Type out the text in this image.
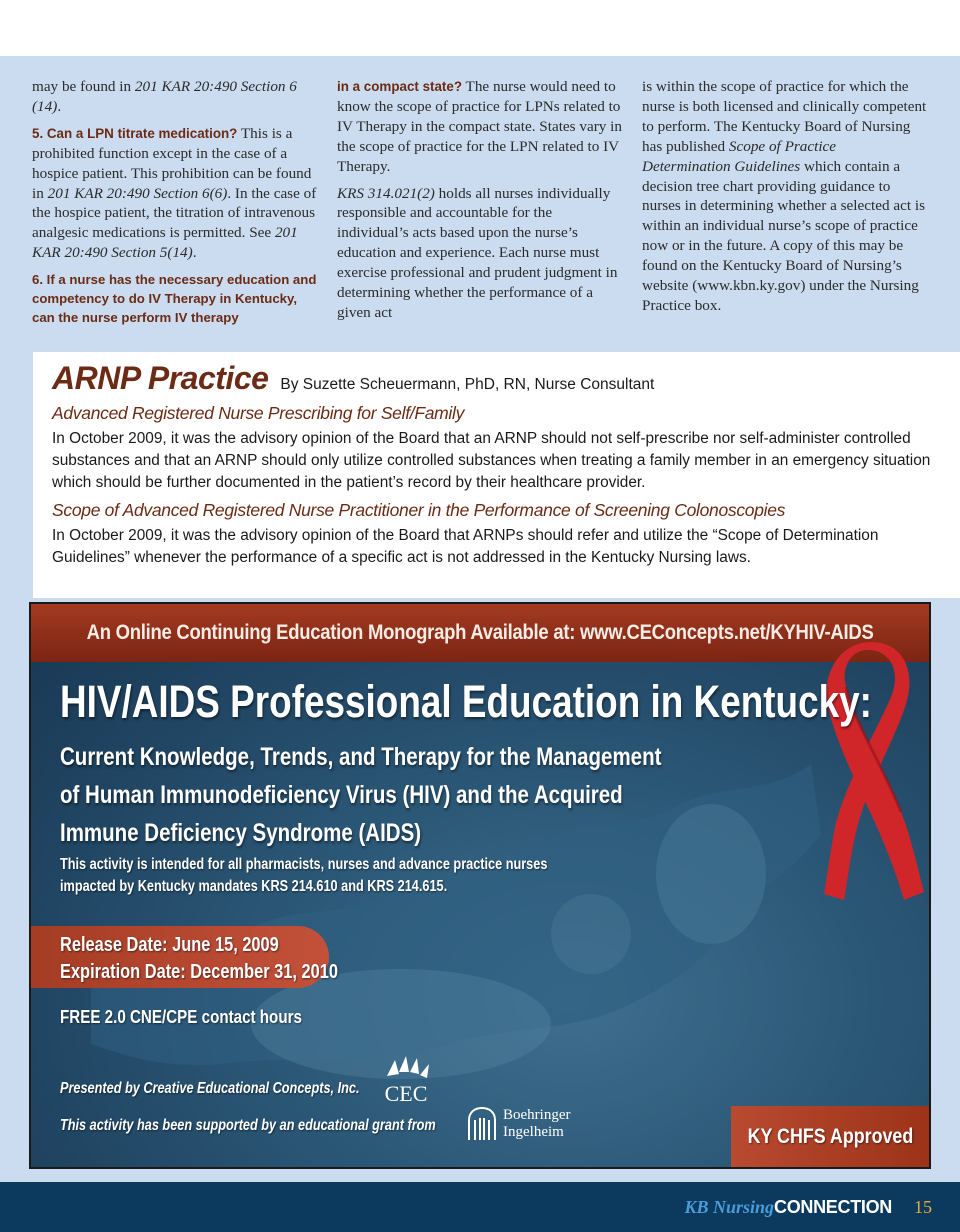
may be found in 201 KAR 20:490 Section 6 (14).

5. Can a LPN titrate medication? This is a prohibited function except in the case of a hospice patient. This prohibition can be found in 201 KAR 20:490 Section 6(6). In the case of the hospice patient, the titration of intravenous analgesic medications is permitted. See 201 KAR 20:490 Section 5(14).

6. If a nurse has the necessary education and competency to do IV Therapy in Kentucky, can the nurse perform IV therapy

in a compact state? The nurse would need to know the scope of practice for LPNs related to IV Therapy in the compact state. States vary in the scope of practice for the LPN related to IV Therapy.

KRS 314.021(2) holds all nurses individually responsible and accountable for the individual’s acts based upon the nurse’s education and experience. Each nurse must exercise professional and prudent judgment in determining whether the performance of a given act

is within the scope of practice for which the nurse is both licensed and clinically competent to perform. The Kentucky Board of Nursing has published Scope of Practice Determination Guidelines which contain a decision tree chart providing guidance to nurses in determining whether a selected act is within an individual nurse’s scope of practice now or in the future. A copy of this may be found on the Kentucky Board of Nursing’s website (www.kbn.ky.gov) under the Nursing Practice box.

ARNP Practice By Suzette Scheuermann, PhD, RN, Nurse Consultant
Advanced Registered Nurse Prescribing for Self/Family
In October 2009, it was the advisory opinion of the Board that an ARNP should not self-prescribe nor self-administer controlled substances and that an ARNP should only utilize controlled substances when treating a family member in an emergency situation which should be further documented in the patient’s record by their healthcare provider.
Scope of Advanced Registered Nurse Practitioner in the Performance of Screening Colonoscopies
In October 2009, it was the advisory opinion of the Board that ARNPs should refer and utilize the “Scope of Determination Guidelines” whenever the performance of a specific act is not addressed in the Kentucky Nursing laws.
An Online Continuing Education Monograph Available at: www.CEConcepts.net/KYHIV-AIDS
HIV/AIDS Professional Education in Kentucky:
Current Knowledge, Trends, and Therapy for the Management
of Human Immunodeficiency Virus (HIV) and the Acquired
Immune Deficiency Syndrome (AIDS)
This activity is intended for all pharmacists, nurses and advance practice nurses
impacted by Kentucky mandates KRS 214.610 and KRS 214.615.
Release Date: June 15, 2009
Expiration Date: December 31, 2010
FREE 2.0 CNE/CPE contact hours
Presented by Creative Educational Concepts, Inc. CEC
This activity has been supported by an educational grant from
Boehringer
Ingelheim	KY CHFS Approved
KB Nursing CONNECTION 15
